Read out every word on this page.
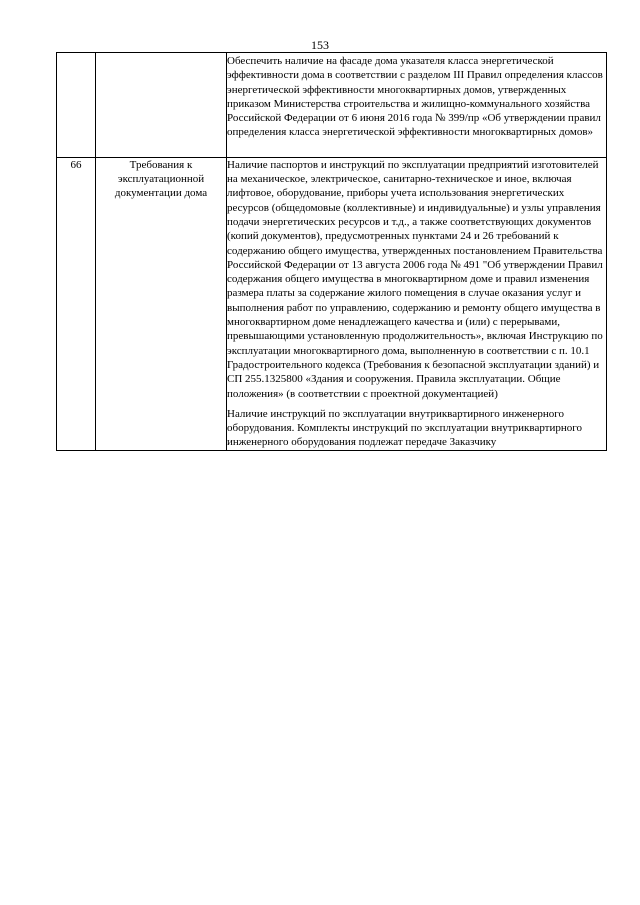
153

		Обеспечить наличие на фасаде дома указателя класса энергетической эффективности дома в соответствии с разделом III Правил определения классов энергетической эффективности многоквартирных домов, утвержденных приказом Министерства строительства и жилищно-коммунального хозяйства Российской Федерации от 6 июня 2016 года № 399/пр «Об утверждении правил определения класса энергетической эффективности многоквартирных домов»

66	Требования к эксплуатационной документации дома	Наличие паспортов и инструкций по эксплуатации предприятий изготовителей на механическое, электрическое, санитарно-техническое и иное, включая лифтовое, оборудование, приборы учета использования энергетических ресурсов (общедомовые (коллективные) и индивидуальные) и узлы управления подачи энергетических ресурсов и т.д., а также соответствующих документов (копий документов), предусмотренных пунктами 24 и 26 требований к содержанию общего имущества, утвержденных постановлением Правительства Российской Федерации от 13 августа 2006 года № 491 "Об утверждении Правил содержания общего имущества в многоквартирном доме и правил изменения размера платы за содержание жилого помещения в случае оказания услуг и выполнения работ по управлению, содержанию и ремонту общего имущества в многоквартирном доме ненадлежащего качества и (или) с перерывами, превышающими установленную продолжительность», включая Инструкцию по эксплуатации многоквартирного дома, выполненную в соответствии с п. 10.1 Градостроительного кодекса (Требования к безопасной эксплуатации зданий) и СП 255.1325800 «Здания и сооружения. Правила эксплуатации. Общие положения» (в соответствии с проектной документацией)

Наличие инструкций по эксплуатации внутриквартирного инженерного оборудования. Комплекты инструкций по эксплуатации внутриквартирного инженерного оборудования подлежат передаче Заказчику
